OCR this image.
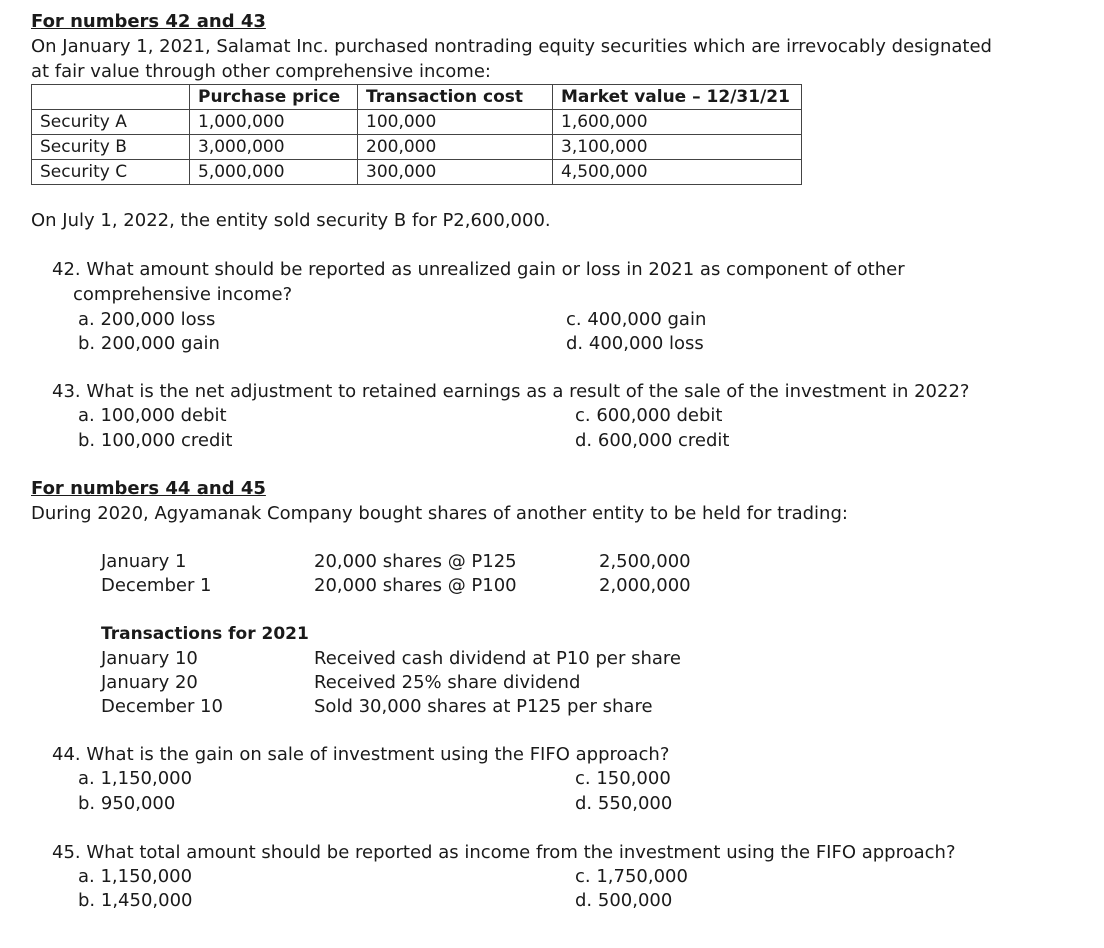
For numbers 42 and 43
On January 1, 2021, Salamat Inc. purchased nontrading equity securities which are irrevocably designated
at fair value through other comprehensive income:
	Purchase price	Transaction cost	Market value – 12/31/21
Security A	1,000,000	100,000	1,600,000
Security B	3,000,000	200,000	3,100,000
Security C	5,000,000	300,000	4,500,000
On July 1, 2022, the entity sold security B for P2,600,000.
42. What amount should be reported as unrealized gain or loss in 2021 as component of other
comprehensive income?
a. 200,000 loss
b. 200,000 gain
c. 400,000 gain
d. 400,000 loss
43. What is the net adjustment to retained earnings as a result of the sale of the investment in 2022?
a. 100,000 debit
b. 100,000 credit
c. 600,000 debit
d. 600,000 credit
For numbers 44 and 45
During 2020, Agyamanak Company bought shares of another entity to be held for trading:
January 1	20,000 shares @ P125	2,500,000
December 1	20,000 shares @ P100	2,000,000
Transactions for 2021
January 10	Received cash dividend at P10 per share
January 20	Received 25% share dividend
December 10	Sold 30,000 shares at P125 per share
44. What is the gain on sale of investment using the FIFO approach?
a. 1,150,000
b. 950,000
c. 150,000
d. 550,000
45. What total amount should be reported as income from the investment using the FIFO approach?
a. 1,150,000
b. 1,450,000
c. 1,750,000
d. 500,000
